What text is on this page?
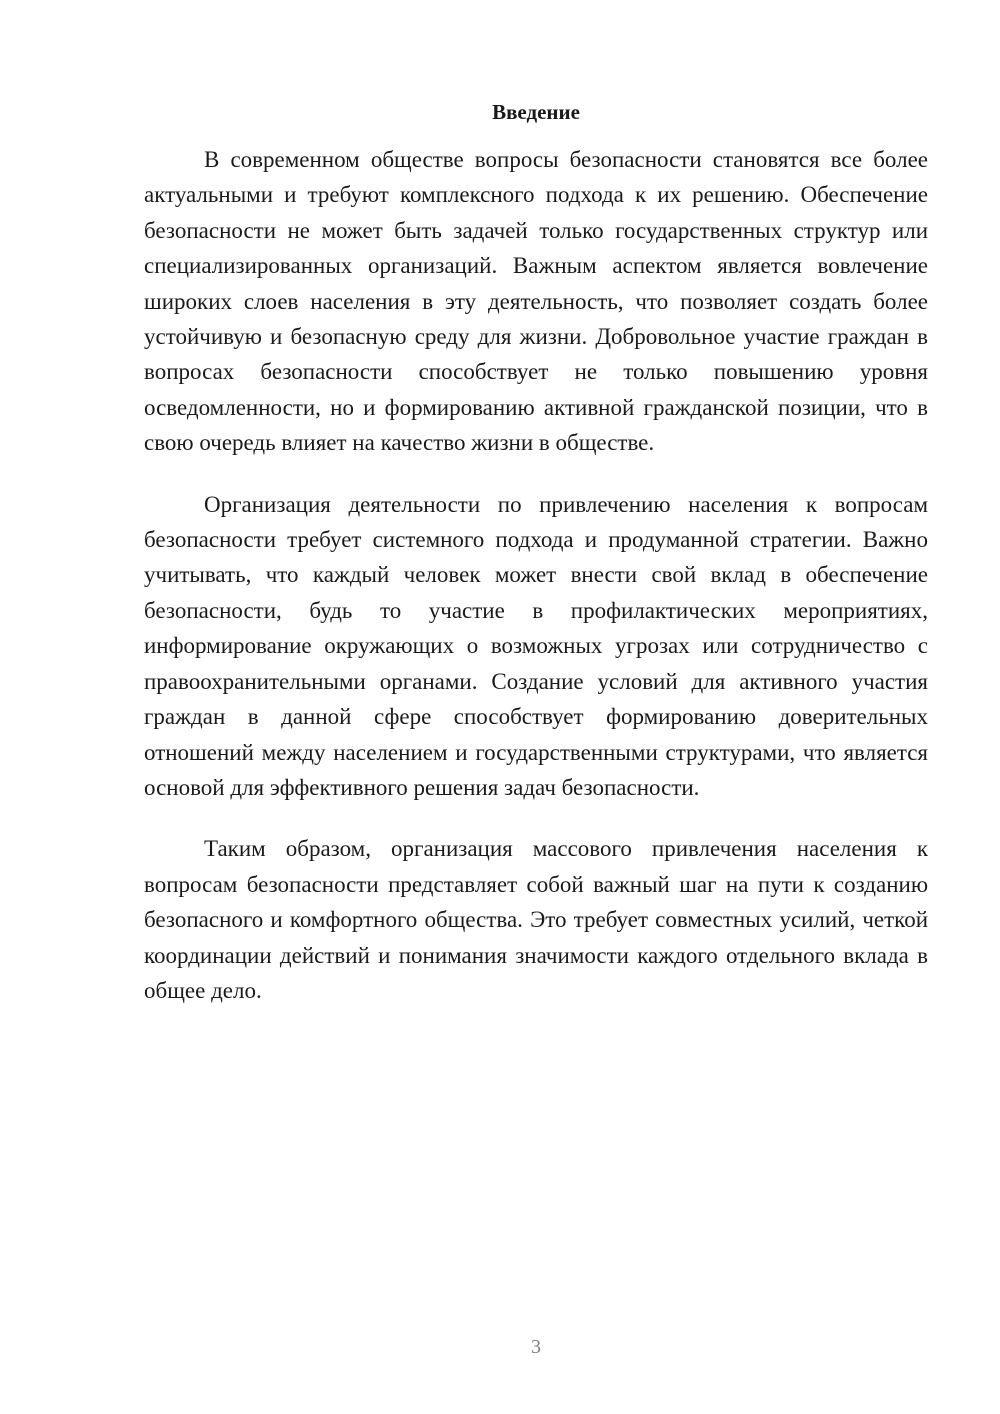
Введение

В современном обществе вопросы безопасности становятся все более актуальными и требуют комплексного подхода к их решению. Обеспечение безопасности не может быть задачей только государственных структур или специализированных организаций. Важным аспектом является вовлечение широких слоев населения в эту деятельность, что позволяет создать более устойчивую и безопасную среду для жизни. Добровольное участие граждан в вопросах безопасности способствует не только повышению уровня осведомленности, но и формированию активной гражданской позиции, что в свою очередь влияет на качество жизни в обществе.

Организация деятельности по привлечению населения к вопросам безопасности требует системного подхода и продуманной стратегии. Важно учитывать, что каждый человек может внести свой вклад в обеспечение безопасности, будь то участие в профилактических мероприятиях, информирование окружающих о возможных угрозах или сотрудничество с правоохранительными органами. Создание условий для активного участия граждан в данной сфере способствует формированию доверительных отношений между населением и государственными структурами, что является основой для эффективного решения задач безопасности.

Таким образом, организация массового привлечения населения к вопросам безопасности представляет собой важный шаг на пути к созданию безопасного и комфортного общества. Это требует совместных усилий, четкой координации действий и понимания значимости каждого отдельного вклада в общее дело.

3
